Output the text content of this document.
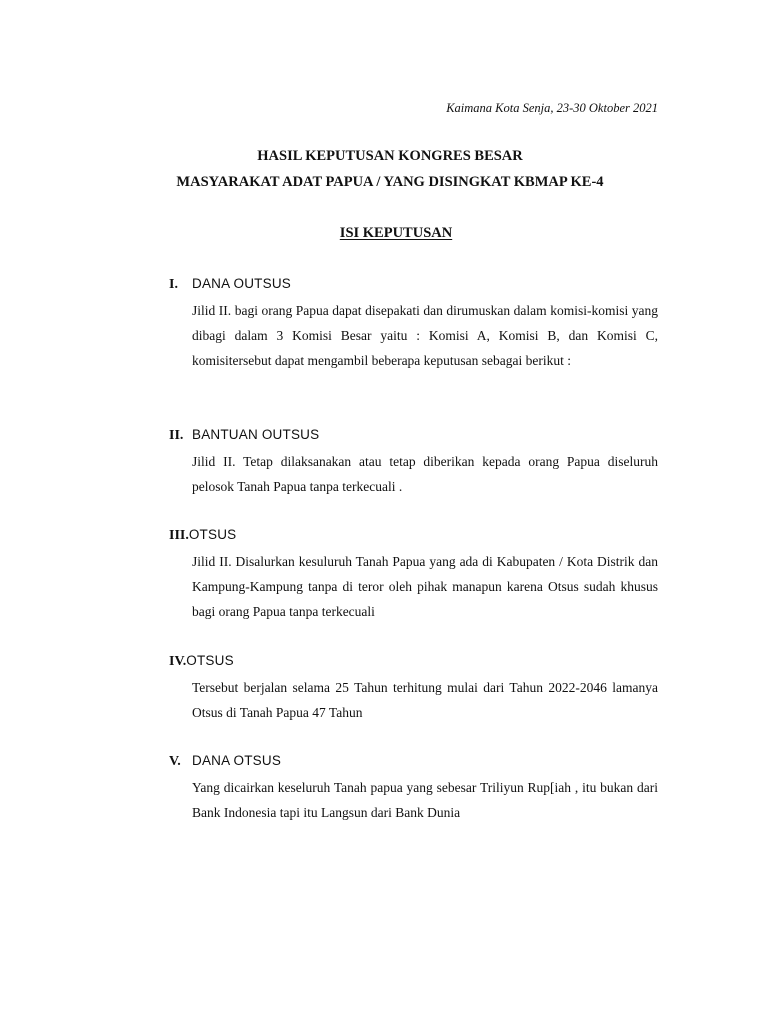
Kaimana Kota Senja, 23-30 Oktober 2021
HASIL KEPUTUSAN KONGRES BESAR
MASYARAKAT ADAT PAPUA / YANG DISINGKAT KBMAP KE-4
ISI KEPUTUSAN
I. DANA OUTSUS
Jilid II. bagi orang Papua dapat disepakati dan dirumuskan dalam komisi-komisi yang dibagi dalam 3 Komisi Besar yaitu : Komisi A, Komisi B, dan Komisi C, komisitersebut dapat mengambil beberapa keputusan sebagai berikut :
II. BANTUAN OUTSUS
Jilid II. Tetap dilaksanakan atau tetap diberikan kepada orang Papua diseluruh pelosok Tanah Papua tanpa terkecuali .
III.OTSUS
Jilid II. Disalurkan kesuluruh Tanah Papua yang ada di Kabupaten / Kota Distrik dan Kampung-Kampung tanpa di teror oleh pihak manapun karena Otsus sudah khusus bagi orang Papua tanpa terkecuali
IV.OTSUS
Tersebut berjalan selama 25 Tahun terhitung mulai dari Tahun 2022-2046 lamanya Otsus di Tanah Papua 47 Tahun
V. DANA OTSUS
Yang dicairkan keseluruh Tanah papua yang sebesar Triliyun Rup[iah , itu bukan dari Bank Indonesia tapi itu Langsun dari Bank Dunia
